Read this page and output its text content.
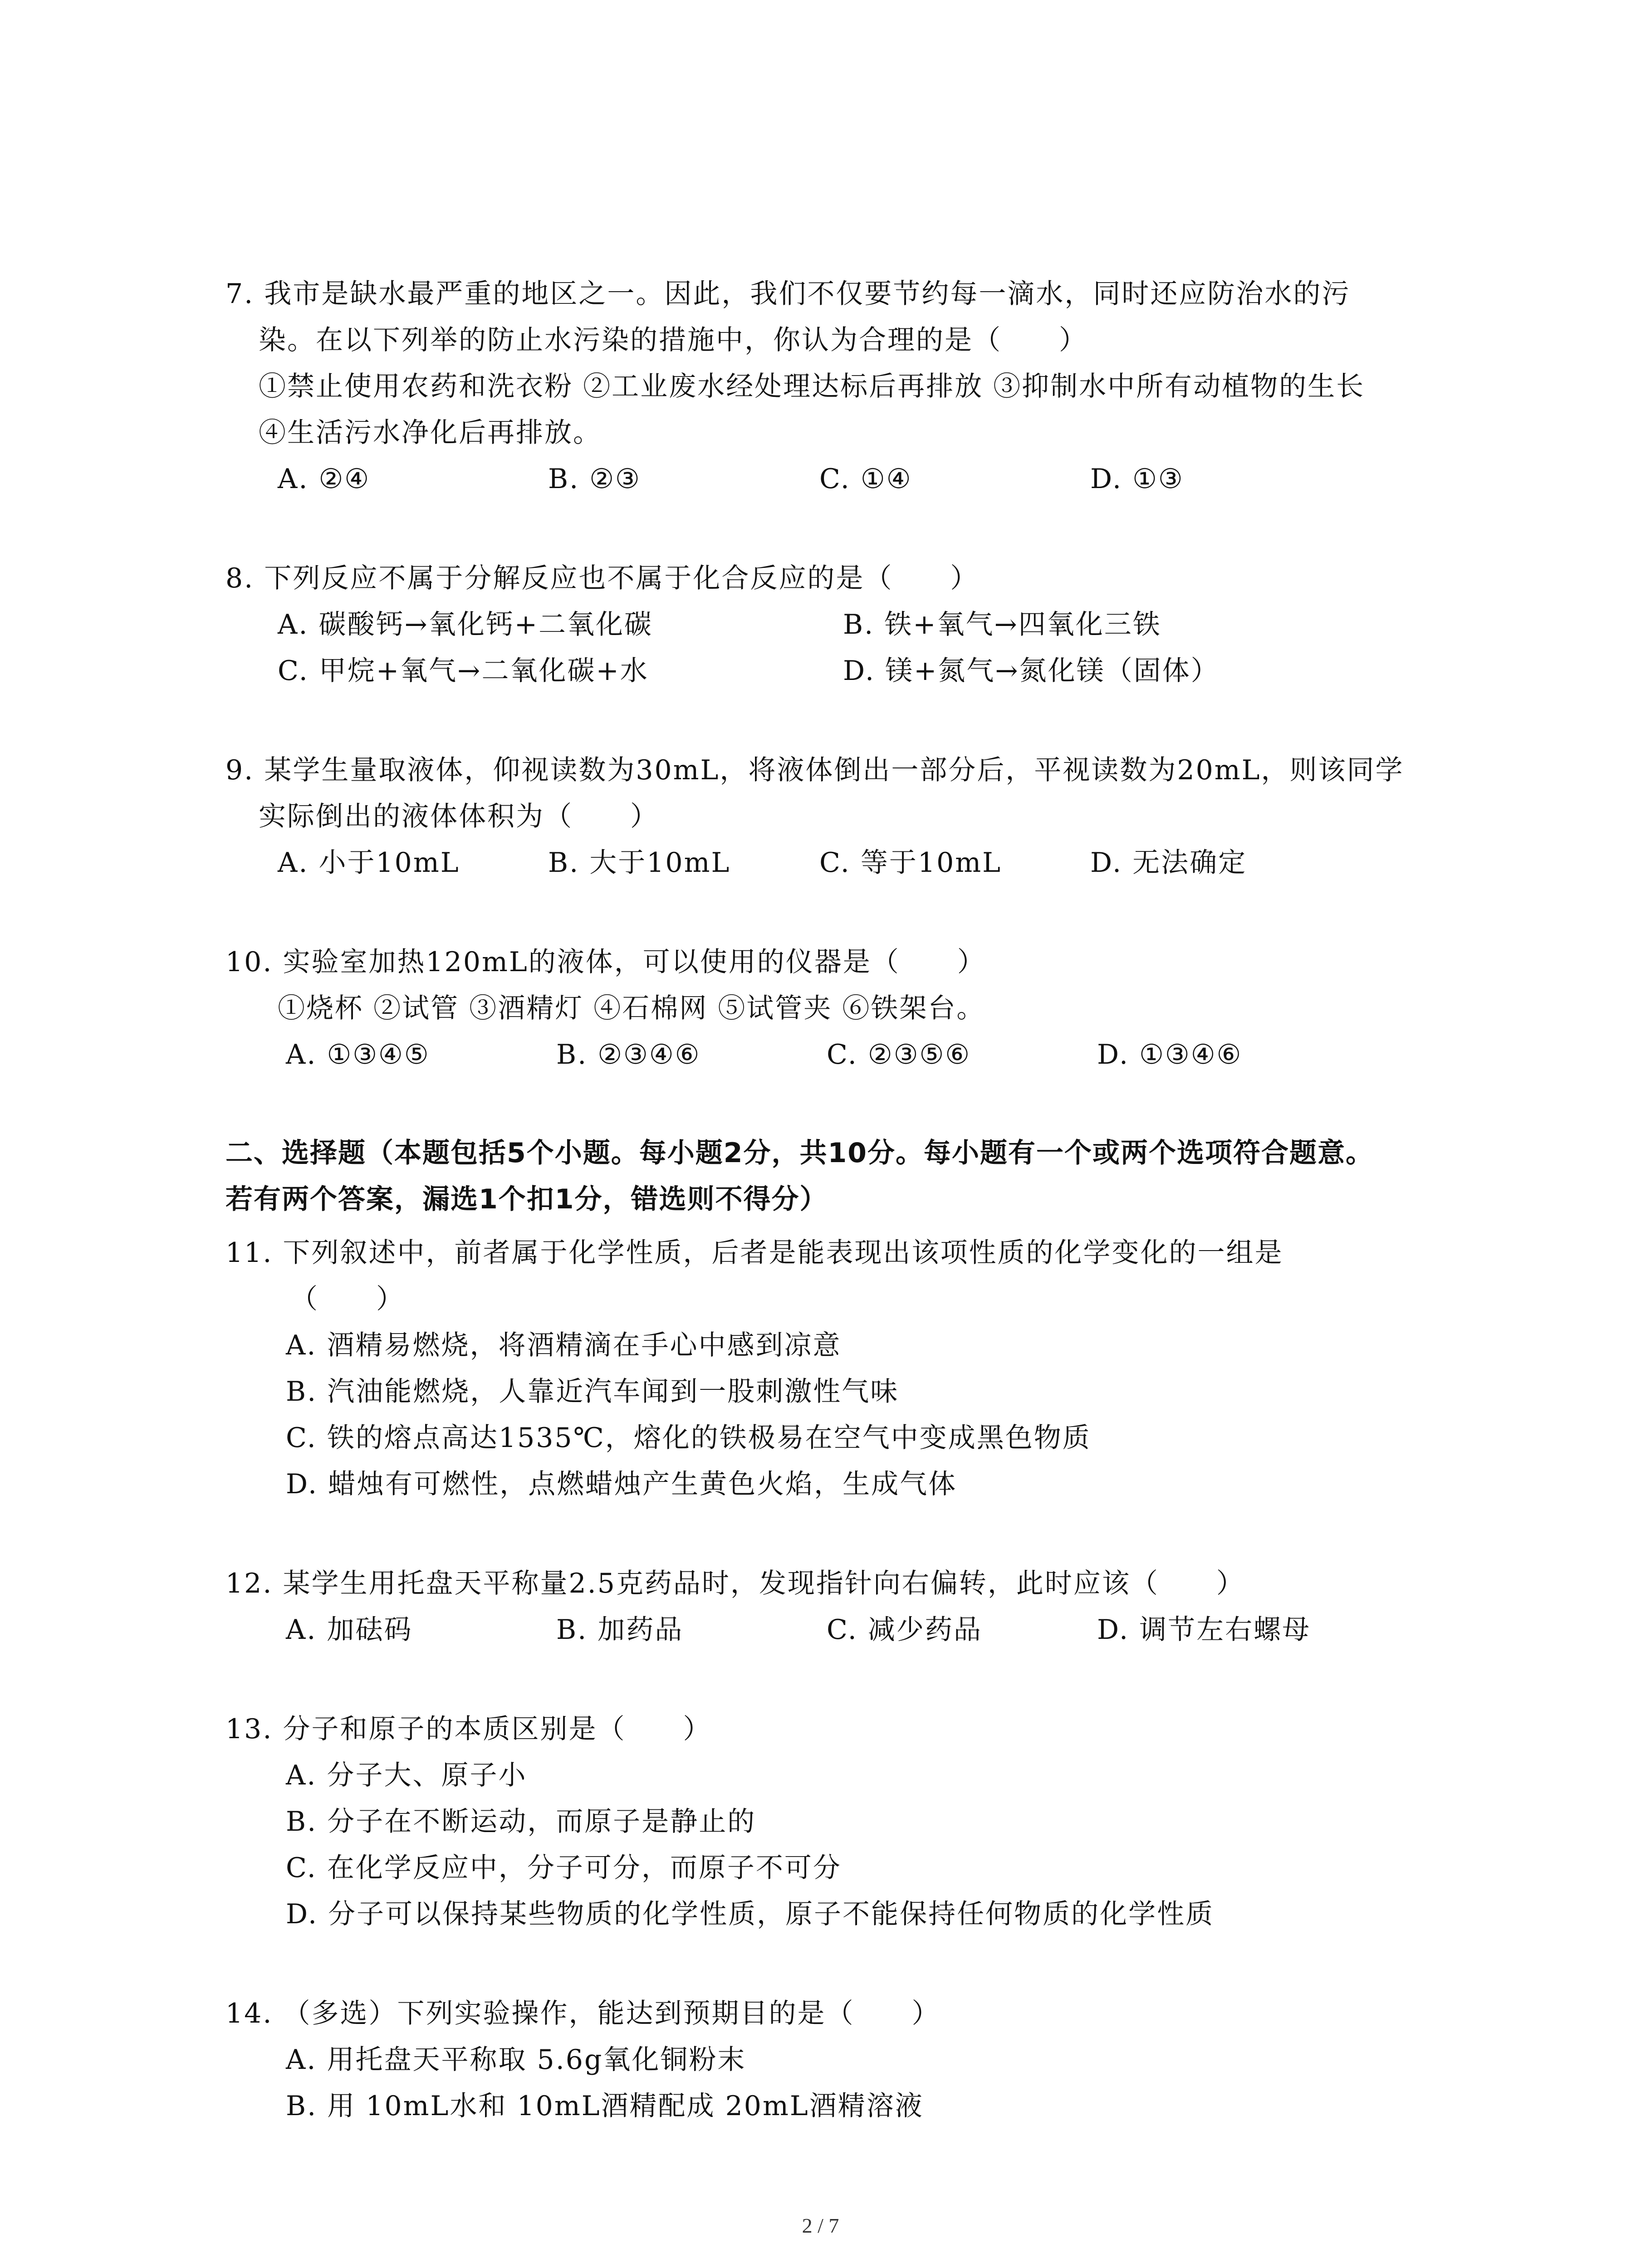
7. 我市是缺水最严重的地区之一。因此，我们不仅要节约每一滴水，同时还应防治水的污
染。在以下列举的防止水污染的措施中，你认为合理的是（　　）
①禁止使用农药和洗衣粉 ②工业废水经处理达标后再排放 ③抑制水中所有动植物的生长
④生活污水净化后再排放。
A. ②④	B. ②③	C. ①④	D. ①③
8. 下列反应不属于分解反应也不属于化合反应的是（　　）
A. 碳酸钙→氧化钙+二氧化碳	B. 铁+氧气→四氧化三铁
C. 甲烷+氧气→二氧化碳+水	D. 镁+氮气→氮化镁（固体）
9. 某学生量取液体，仰视读数为30mL，将液体倒出一部分后，平视读数为20mL，则该同学
实际倒出的液体体积为（　　）
A. 小于10mL	B. 大于10mL	C. 等于10mL	D. 无法确定
10. 实验室加热120mL的液体，可以使用的仪器是（　　）
①烧杯 ②试管 ③酒精灯 ④石棉网 ⑤试管夹 ⑥铁架台。
A. ①③④⑤	B. ②③④⑥	C. ②③⑤⑥	D. ①③④⑥
二、选择题（本题包括5个小题。每小题2分，共10分。每小题有一个或两个选项符合题意。
若有两个答案，漏选1个扣1分，错选则不得分）
11. 下列叙述中，前者属于化学性质，后者是能表现出该项性质的化学变化的一组是
（　　）
A. 酒精易燃烧，将酒精滴在手心中感到凉意
B. 汽油能燃烧，人靠近汽车闻到一股刺激性气味
C. 铁的熔点高达1535℃，熔化的铁极易在空气中变成黑色物质
D. 蜡烛有可燃性，点燃蜡烛产生黄色火焰，生成气体
12. 某学生用托盘天平称量2.5克药品时，发现指针向右偏转，此时应该（　　）
A. 加砝码	B. 加药品	C. 减少药品	D. 调节左右螺母
13. 分子和原子的本质区别是（　　）
A. 分子大、原子小
B. 分子在不断运动，而原子是静止的
C. 在化学反应中，分子可分，而原子不可分
D. 分子可以保持某些物质的化学性质，原子不能保持任何物质的化学性质
14. （多选）下列实验操作，能达到预期目的是（　　）
A. 用托盘天平称取 5.6g氧化铜粉末
B. 用 10mL水和 10mL酒精配成 20mL酒精溶液
2 / 7
